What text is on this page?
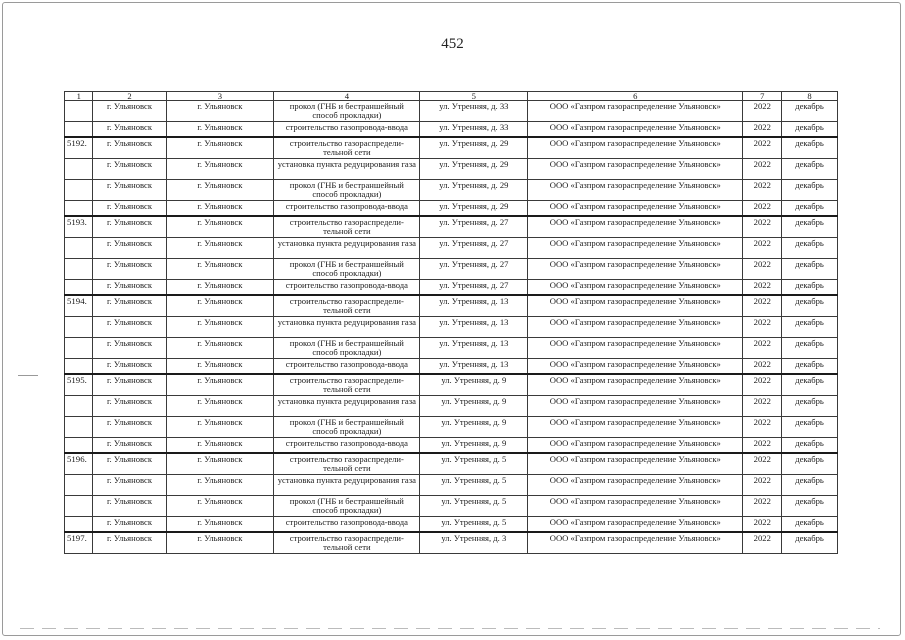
452
1	2	3	4	5	6	7	8
	г. Ульяновск	г. Ульяновск	прокол (ГНБ и бестраншейный способ прокладки)	ул. Утренняя, д. 33	ООО «Газпром газораспределение Ульяновск»	2022	декабрь
	г. Ульяновск	г. Ульяновск	строительство газопровода-ввода	ул. Утренняя, д. 33	ООО «Газпром газораспределение Ульяновск»	2022	декабрь
5192.	г. Ульяновск	г. Ульяновск	строительство газораспредели-тельной сети	ул. Утренняя, д. 29	ООО «Газпром газораспределение Ульяновск»	2022	декабрь
	г. Ульяновск	г. Ульяновск	установка пункта редуцирования газа	ул. Утренняя, д. 29	ООО «Газпром газораспределение Ульяновск»	2022	декабрь
	г. Ульяновск	г. Ульяновск	прокол (ГНБ и бестраншейный способ прокладки)	ул. Утренняя, д. 29	ООО «Газпром газораспределение Ульяновск»	2022	декабрь
	г. Ульяновск	г. Ульяновск	строительство газопровода-ввода	ул. Утренняя, д. 29	ООО «Газпром газораспределение Ульяновск»	2022	декабрь
5193.	г. Ульяновск	г. Ульяновск	строительство газораспредели-тельной сети	ул. Утренняя, д. 27	ООО «Газпром газораспределение Ульяновск»	2022	декабрь
	г. Ульяновск	г. Ульяновск	установка пункта редуцирования газа	ул. Утренняя, д. 27	ООО «Газпром газораспределение Ульяновск»	2022	декабрь
	г. Ульяновск	г. Ульяновск	прокол (ГНБ и бестраншейный способ прокладки)	ул. Утренняя, д. 27	ООО «Газпром газораспределение Ульяновск»	2022	декабрь
	г. Ульяновск	г. Ульяновск	строительство газопровода-ввода	ул. Утренняя, д. 27	ООО «Газпром газораспределение Ульяновск»	2022	декабрь
5194.	г. Ульяновск	г. Ульяновск	строительство газораспредели-тельной сети	ул. Утренняя, д. 13	ООО «Газпром газораспределение Ульяновск»	2022	декабрь
	г. Ульяновск	г. Ульяновск	установка пункта редуцирования газа	ул. Утренняя, д. 13	ООО «Газпром газораспределение Ульяновск»	2022	декабрь
	г. Ульяновск	г. Ульяновск	прокол (ГНБ и бестраншейный способ прокладки)	ул. Утренняя, д. 13	ООО «Газпром газораспределение Ульяновск»	2022	декабрь
	г. Ульяновск	г. Ульяновск	строительство газопровода-ввода	ул. Утренняя, д. 13	ООО «Газпром газораспределение Ульяновск»	2022	декабрь
5195.	г. Ульяновск	г. Ульяновск	строительство газораспредели-тельной сети	ул. Утренняя, д. 9	ООО «Газпром газораспределение Ульяновск»	2022	декабрь
	г. Ульяновск	г. Ульяновск	установка пункта редуцирования газа	ул. Утренняя, д. 9	ООО «Газпром газораспределение Ульяновск»	2022	декабрь
	г. Ульяновск	г. Ульяновск	прокол (ГНБ и бестраншейный способ прокладки)	ул. Утренняя, д. 9	ООО «Газпром газораспределение Ульяновск»	2022	декабрь
	г. Ульяновск	г. Ульяновск	строительство газопровода-ввода	ул. Утренняя, д. 9	ООО «Газпром газораспределение Ульяновск»	2022	декабрь
5196.	г. Ульяновск	г. Ульяновск	строительство газораспредели-тельной сети	ул. Утренняя, д. 5	ООО «Газпром газораспределение Ульяновск»	2022	декабрь
	г. Ульяновск	г. Ульяновск	установка пункта редуцирования газа	ул. Утренняя, д. 5	ООО «Газпром газораспределение Ульяновск»	2022	декабрь
	г. Ульяновск	г. Ульяновск	прокол (ГНБ и бестраншейный способ прокладки)	ул. Утренняя, д. 5	ООО «Газпром газораспределение Ульяновск»	2022	декабрь
	г. Ульяновск	г. Ульяновск	строительство газопровода-ввода	ул. Утренняя, д. 5	ООО «Газпром газораспределение Ульяновск»	2022	декабрь
5197.	г. Ульяновск	г. Ульяновск	строительство газораспредели-тельной сети	ул. Утренняя, д. 3	ООО «Газпром газораспределение Ульяновск»	2022	декабрь
